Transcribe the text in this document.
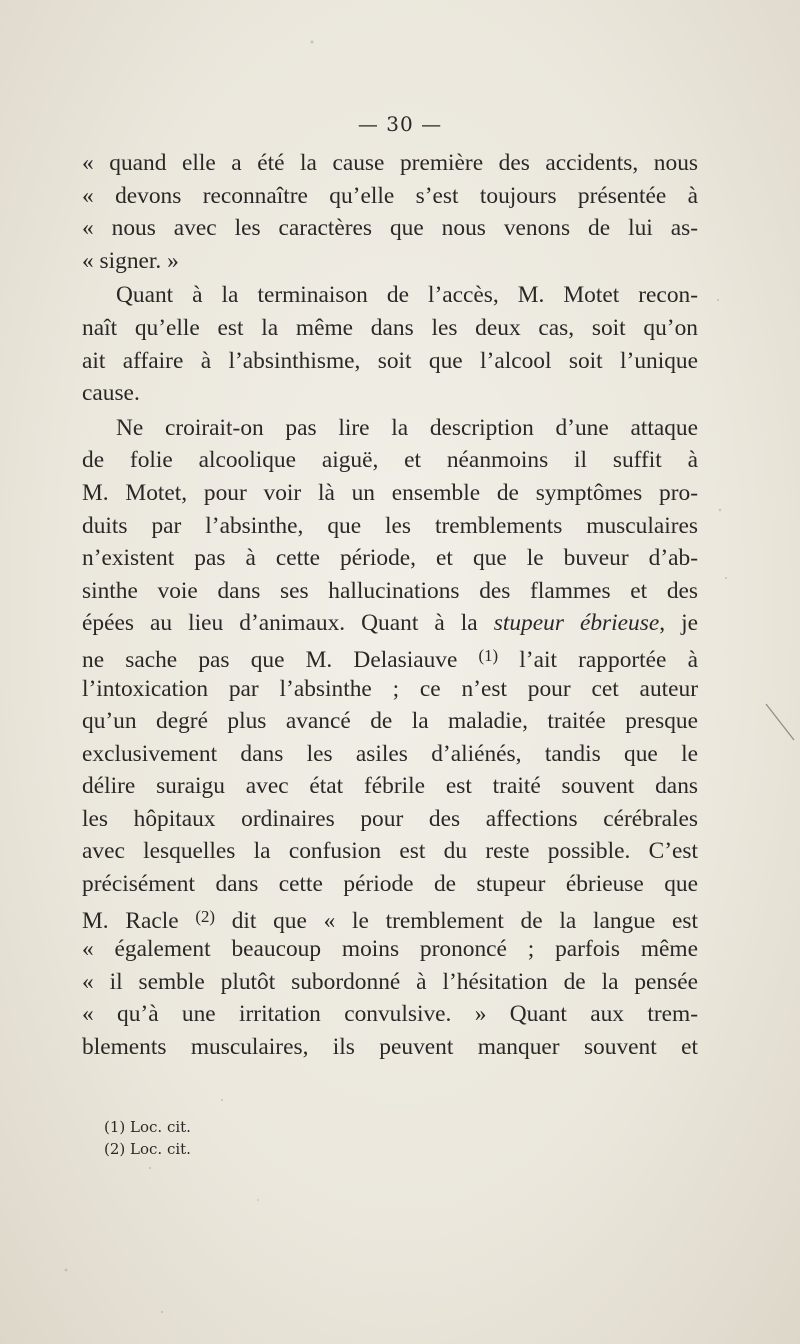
— 30 —
« quand elle a été la cause première des accidents, nous
« devons reconnaître qu’elle s’est toujours présentée à
« nous avec les caractères que nous venons de lui as-
« signer. »
Quant à la terminaison de l’accès, M. Motet recon-
naît qu’elle est la même dans les deux cas, soit qu’on
ait affaire à l’absinthisme, soit que l’alcool soit l’unique
cause.
Ne croirait-on pas lire la description d’une attaque
de folie alcoolique aiguë, et néanmoins il suffit à
M. Motet, pour voir là un ensemble de symptômes pro-
duits par l’absinthe, que les tremblements musculaires
n’existent pas à cette période, et que le buveur d’ab-
sinthe voie dans ses hallucinations des flammes et des
épées au lieu d’animaux. Quant à la stupeur ébrieuse, je
ne sache pas que M. Delasiauve $^{(1)}$ l’ait rapportée à
l’intoxication par l’absinthe ; ce n’est pour cet auteur
qu’un degré plus avancé de la maladie, traitée presque
exclusivement dans les asiles d’aliénés, tandis que le
délire suraigu avec état fébrile est traité souvent dans
les hôpitaux ordinaires pour des affections cérébrales
avec lesquelles la confusion est du reste possible. C’est
précisément dans cette période de stupeur ébrieuse que
M. Racle $^{(2)}$ dit que « le tremblement de la langue est
« également beaucoup moins prononcé ; parfois même
« il semble plutôt subordonné à l’hésitation de la pensée
« qu’à une irritation convulsive. » Quant aux trem-
blements musculaires, ils peuvent manquer souvent et
(1) Loc. cit.
(2) Loc. cit.
